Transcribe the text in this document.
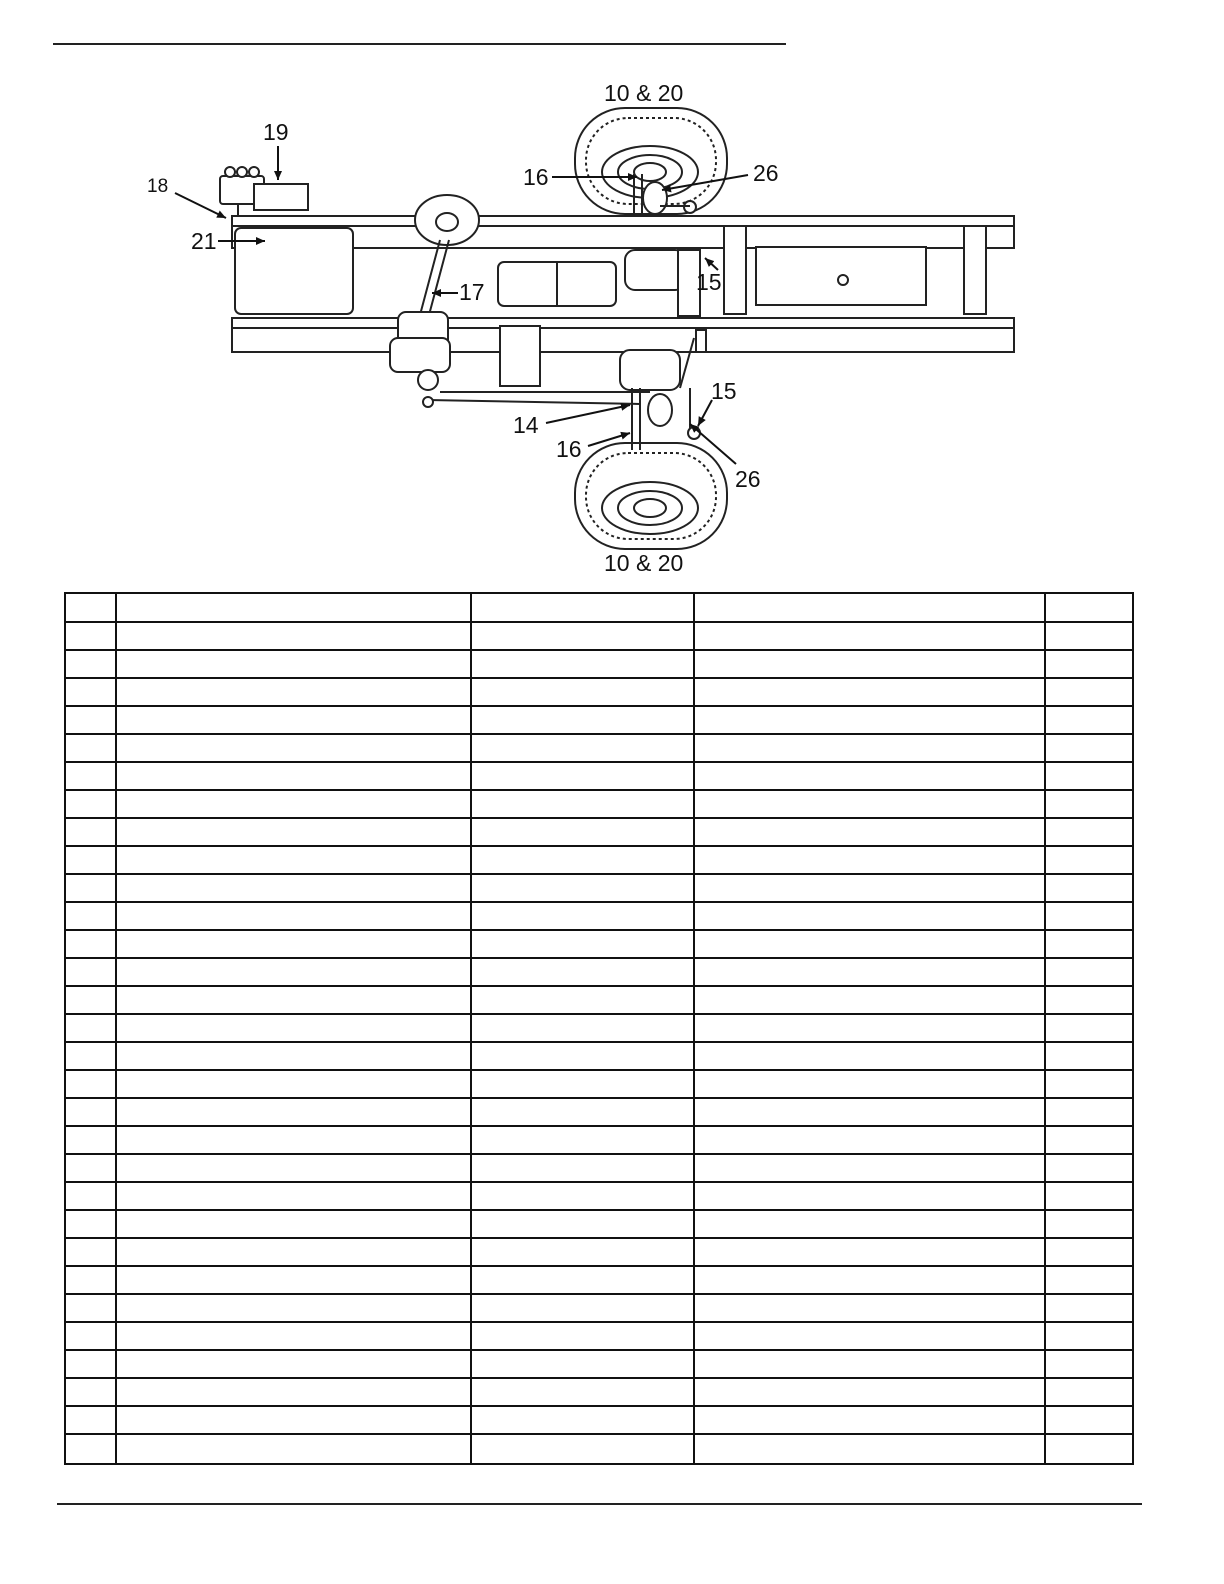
10 & 20
19
18
21
16	26
17	15
15
14
16
26
10 & 20
